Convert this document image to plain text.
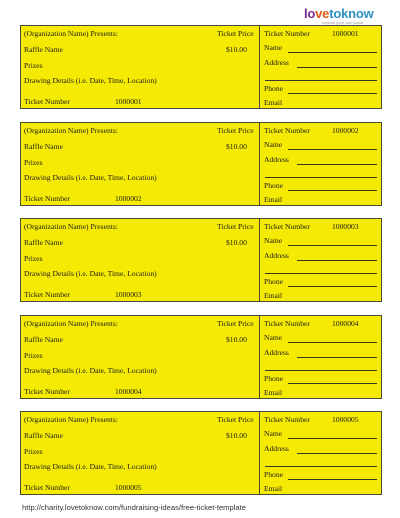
lovetoknow
explore your own world
(Organization Name) Presents:	Ticket Price
$10.00
Raffle Name
Prizes
Drawing Details (i.e. Date, Time, Location)
Ticket Number	1000001
Ticket Number	1000001
Name
Address
Phone
Email
(Organization Name) Presents:	Ticket Price
$10.00
Raffle Name
Prizes
Drawing Details (i.e. Date, Time, Location)
Ticket Number	1000002
Ticket Number	1000002
Name
Address
Phone
Email
(Organization Name) Presents:	Ticket Price
$10.00
Raffle Name
Prizes
Drawing Details (i.e. Date, Time, Location)
Ticket Number	1000003
Ticket Number	1000003
Name
Address
Phone
Email
(Organization Name) Presents:	Ticket Price
$10.00
Raffle Name
Prizes
Drawing Details (i.e. Date, Time, Location)
Ticket Number	1000004
Ticket Number	1000004
Name
Address
Phone
Email
(Organization Name) Presents:	Ticket Price
$10.00
Raffle Name
Prizes
Drawing Details (i.e. Date, Time, Location)
Ticket Number	1000005
Ticket Number	1000005
Name
Address
Phone
Email
http://charity.lovetoknow.com/fundraising-ideas/free-ticket-template
